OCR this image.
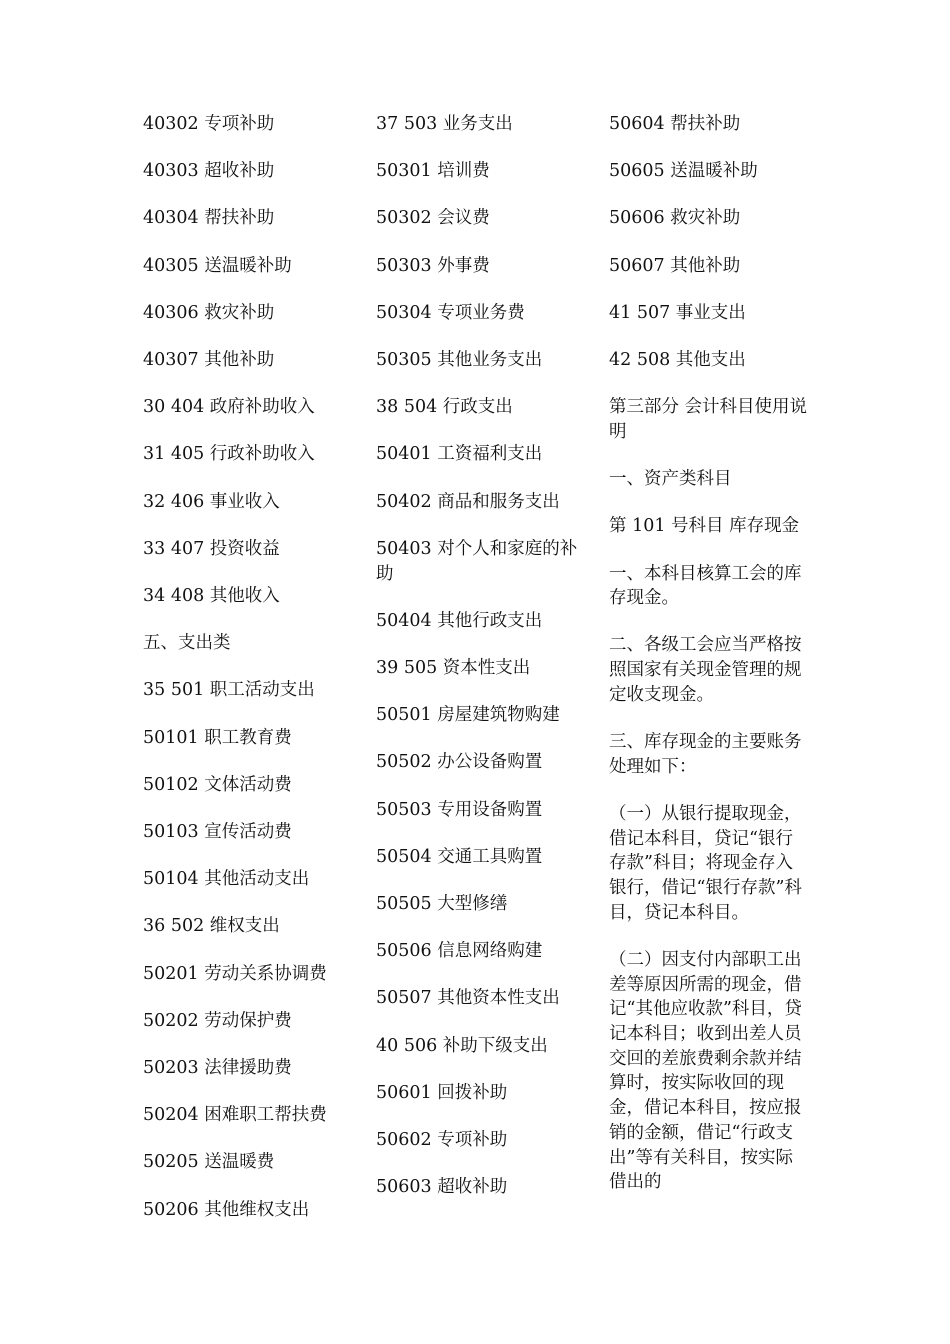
40302 专项补助

40303 超收补助

40304 帮扶补助

40305 送温暖补助

40306 救灾补助

40307 其他补助

30 404 政府补助收入

31 405 行政补助收入

32 406 事业收入

33 407 投资收益

34 408 其他收入

五、支出类

35 501 职工活动支出

50101 职工教育费

50102 文体活动费

50103 宣传活动费

50104 其他活动支出

36 502 维权支出

50201 劳动关系协调费

50202 劳动保护费

50203 法律援助费

50204 困难职工帮扶费

50205 送温暖费

50206 其他维权支出

37 503 业务支出

50301 培训费

50302 会议费

50303 外事费

50304 专项业务费

50305 其他业务支出

38 504 行政支出

50401 工资福利支出

50402 商品和服务支出

50403 对个人和家庭的补助

50404 其他行政支出

39 505 资本性支出

50501 房屋建筑物购建

50502 办公设备购置

50503 专用设备购置

50504 交通工具购置

50505 大型修缮

50506 信息网络购建

50507 其他资本性支出

40 506 补助下级支出

50601 回拨补助

50602 专项补助

50603 超收补助

50604 帮扶补助

50605 送温暖补助

50606 救灾补助

50607 其他补助

41 507 事业支出

42 508 其他支出

第三部分 会计科目使用说明

一、资产类科目

第 101 号科目 库存现金

一、本科目核算工会的库存现金。

二、各级工会应当严格按照国家有关现金管理的规定收支现金。

三、库存现金的主要账务处理如下：

（一）从银行提取现金，借记本科目，贷记“银行存款”科目；将现金存入银行，借记“银行存款”科目，贷记本科目。

（二）因支付内部职工出差等原因所需的现金，借记“其他应收款”科目，贷记本科目；收到出差人员交回的差旅费剩余款并结算时，按实际收回的现金，借记本科目，按应报销的金额，借记“行政支出”等有关科目，按实际借出的
